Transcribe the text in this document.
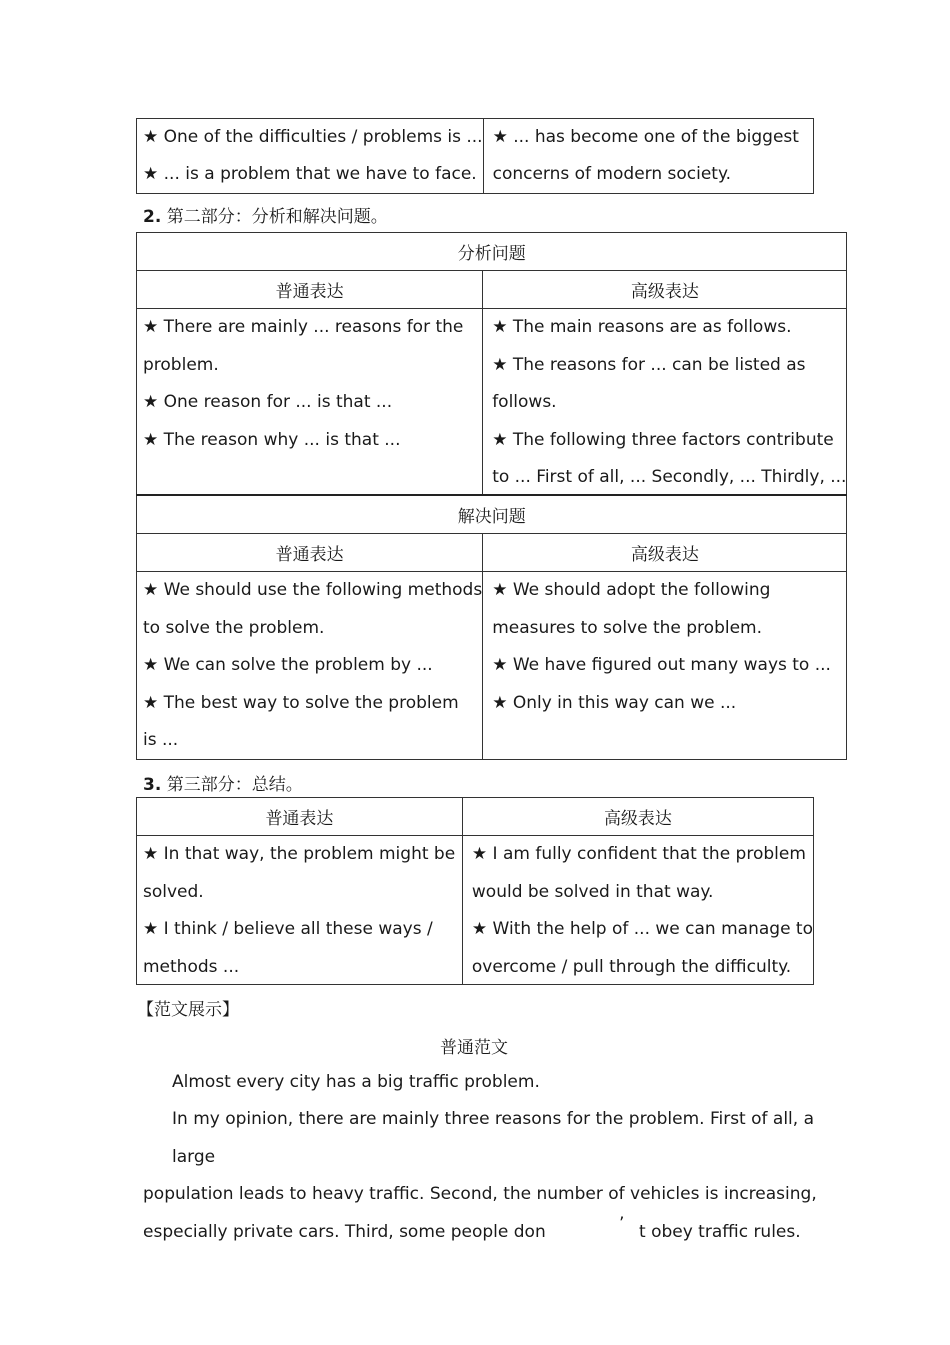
★ One of the difficulties / problems is ...
★ ... is a problem that we have to face.

★ ... has become one of the biggest
concerns of modern society.
2. 第二部分：分析和解决问题。
分析问题	
普通表达	高级表达

★ There are mainly ... reasons for the
problem.
★ One reason for ... is that ...
★ The reason why ... is that ...	★ The main reasons are as follows.
★ The reasons for ... can be listed as
follows.
★ The following three factors contribute
to ... First of all, ... Secondly, ... Thirdly, ...

解决问题	
普通表达	高级表达

★ We should use the following methods
to solve the problem.
★ We can solve the problem by ...
★ The best way to solve the problem
is ...	★ We should adopt the following
measures to solve the problem.
★ We have figured out many ways to ...
★ Only in this way can we ...
3. 第三部分：总结。
普通表达	高级表达

★ In that way, the problem might be
solved.
★ I think / believe all these ways /
methods ...	★ I am fully confident that the problem
would be solved in that way.
★ With the help of ... we can manage to
overcome / pull through the difficulty.
【范文展示】
普通范文
Almost every city has a big traffic problem.
In my opinion, there are mainly three reasons for the problem. First of all, a large
population leads to heavy traffic. Second, the number of vehicles is increasing,
especially private cars. Third, some people don	’ t obey traffic rules.
